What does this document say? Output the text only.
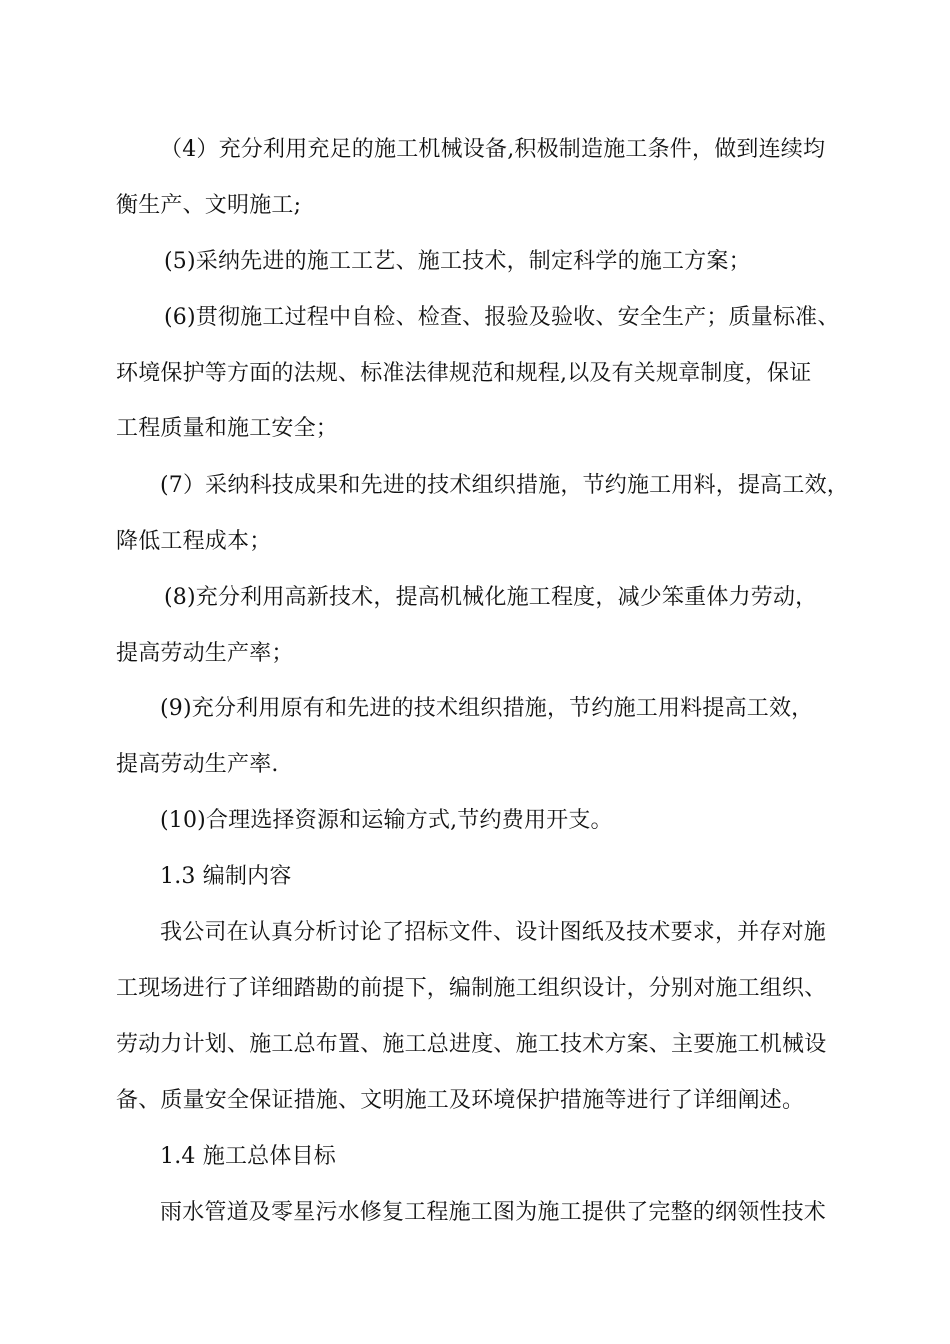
（4）充分利用充足的施工机械设备,积极制造施工条件，做到连续均
衡生产、文明施工;
(5)采纳先进的施工工艺、施工技术，制定科学的施工方案；
(6)贯彻施工过程中自检、检查、报验及验收、安全生产；质量标准、
环境保护等方面的法规、标准法律规范和规程,以及有关规章制度，保证
工程质量和施工安全；
(7）采纳科技成果和先进的技术组织措施，节约施工用料，提高工效，
降低工程成本；
(8)充分利用高新技术，提高机械化施工程度，减少笨重体力劳动，
提高劳动生产率；
(9)充分利用原有和先进的技术组织措施，节约施工用料提高工效，
提高劳动生产率.
(10)合理选择资源和运输方式,节约费用开支。
1.3 编制内容
我公司在认真分析讨论了招标文件、设计图纸及技术要求，并存对施
工现场进行了详细踏勘的前提下，编制施工组织设计，分别对施工组织、
劳动力计划、施工总布置、施工总进度、施工技术方案、主要施工机械设
备、质量安全保证措施、文明施工及环境保护措施等进行了详细阐述。
1.4 施工总体目标
雨水管道及零星污水修复工程施工图为施工提供了完整的纲领性技术
